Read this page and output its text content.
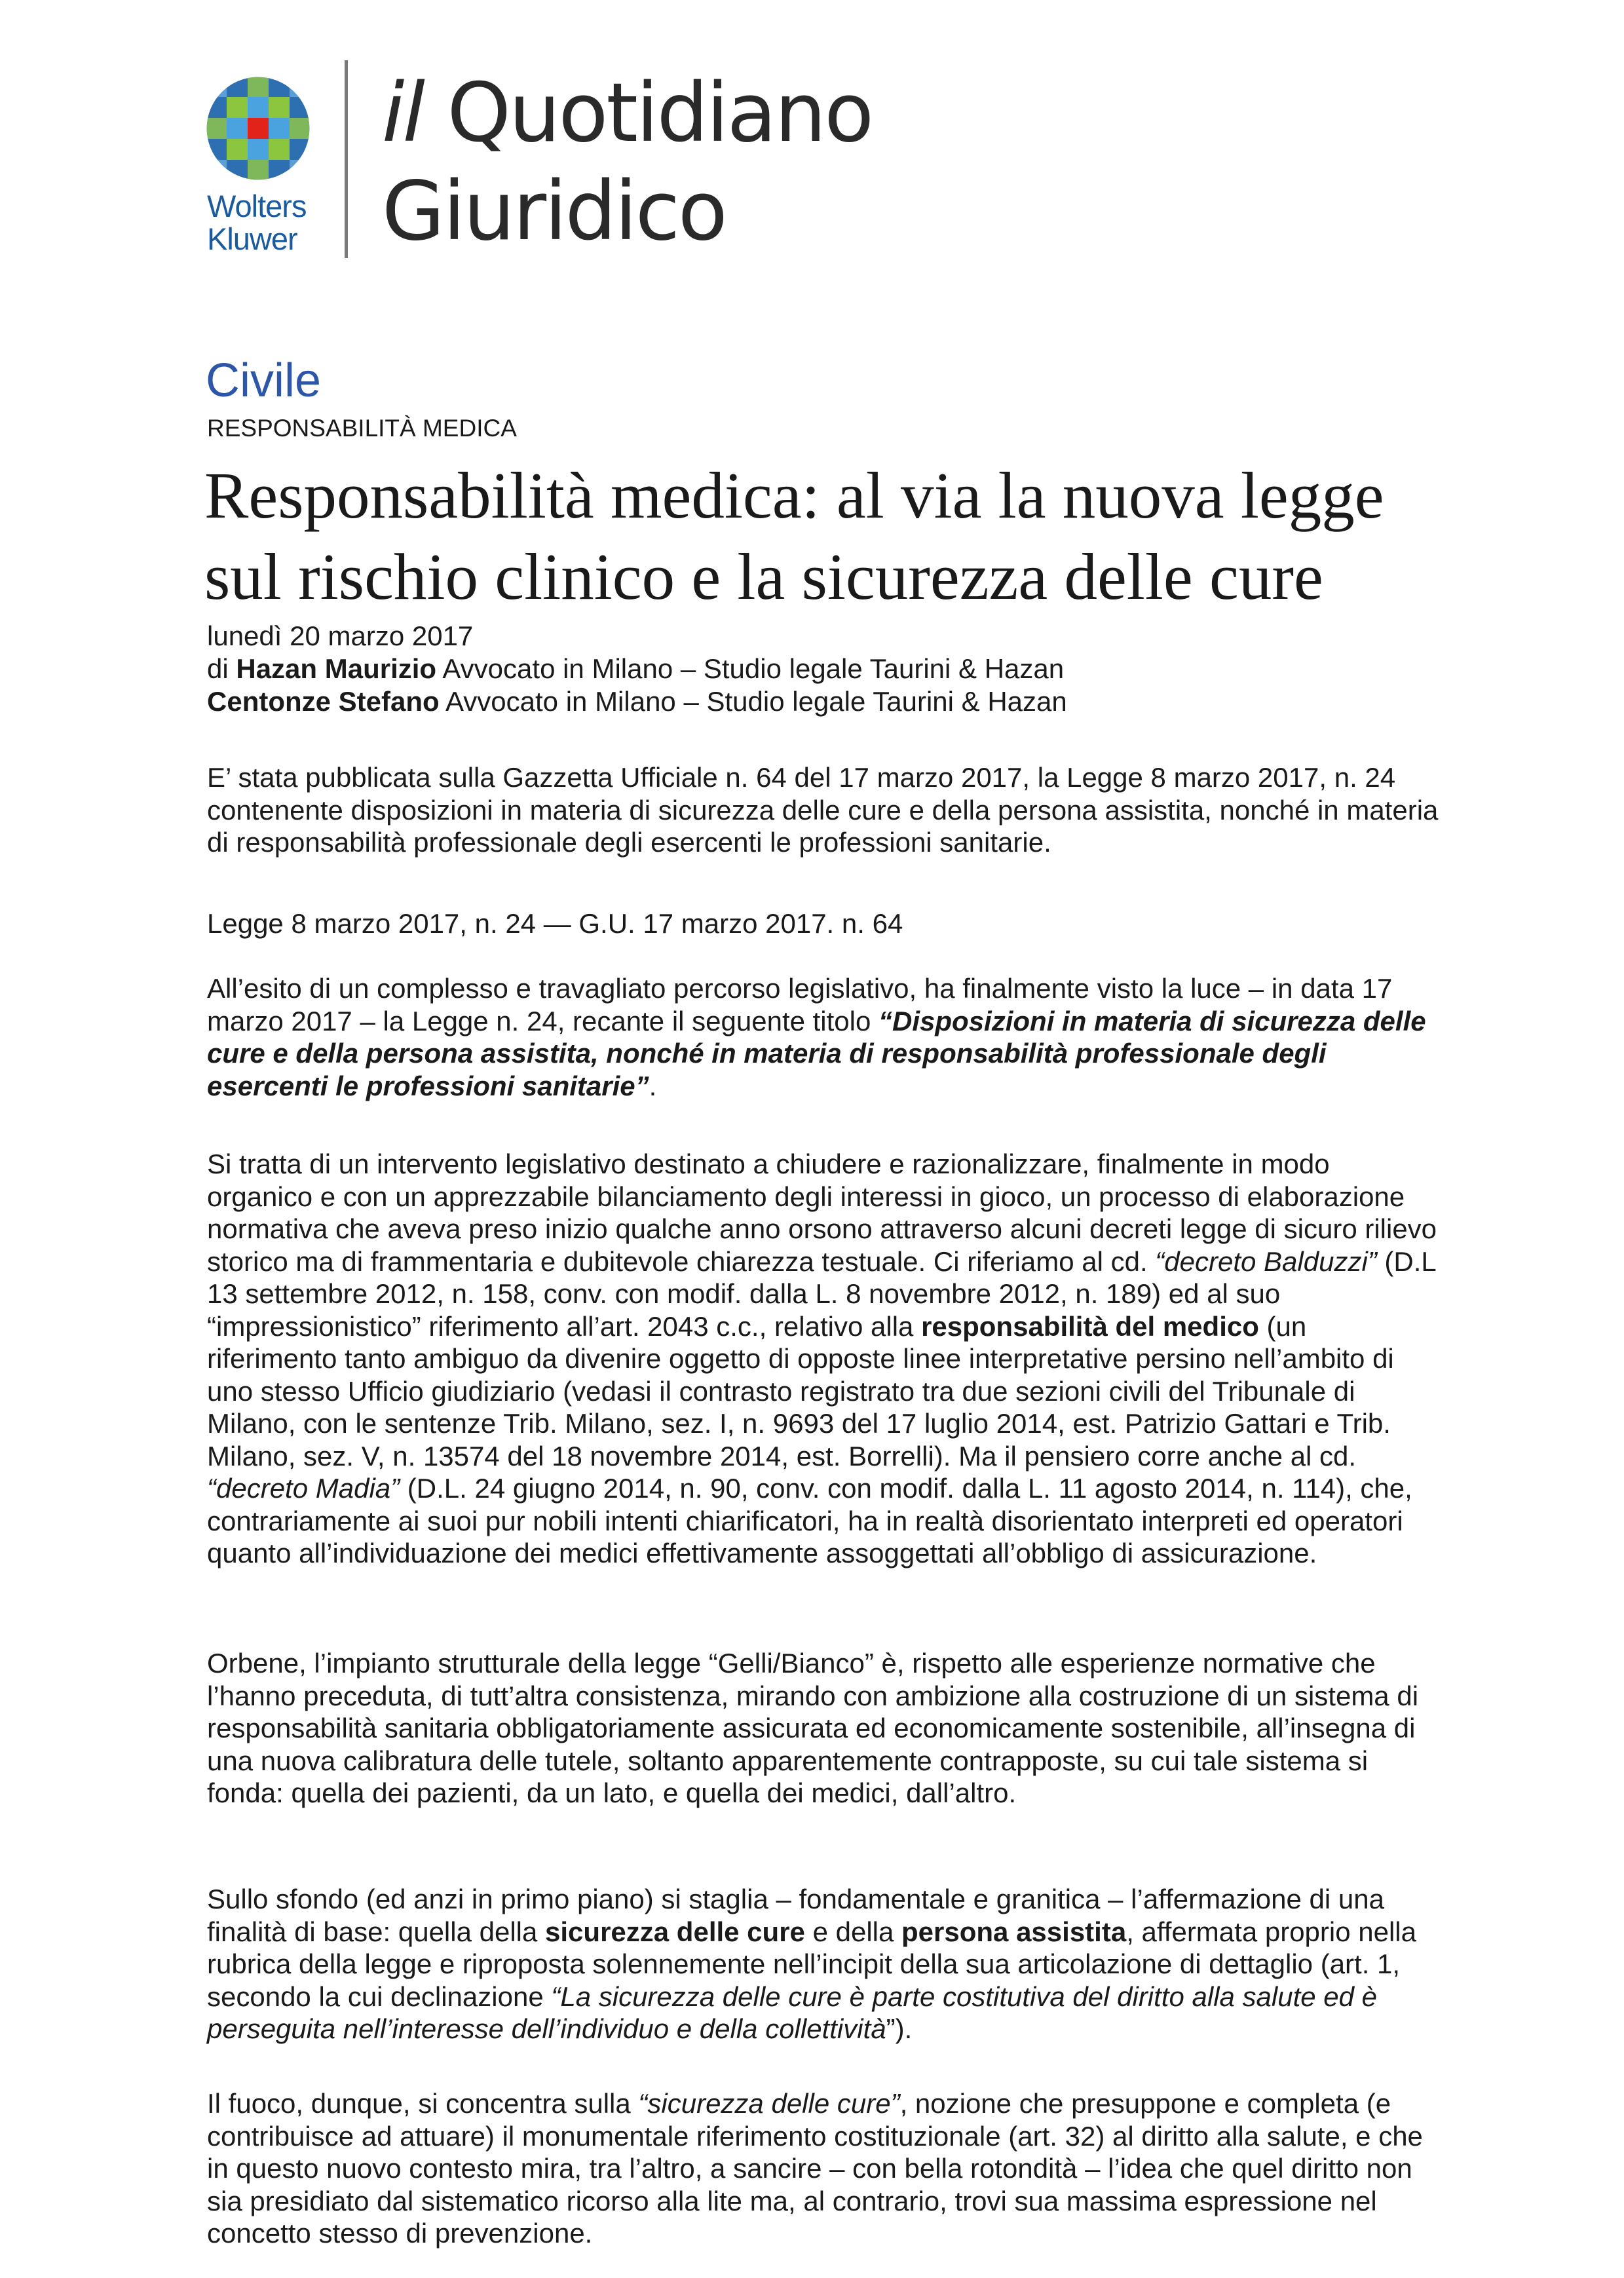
Wolters
Kluwer
il Quotidiano
Giuridico
Civile
RESPONSABILITÀ MEDICA
Responsabilità medica: al via la nuova legge sul rischio clinico e la sicurezza delle cure
lunedì 20 marzo 2017
di Hazan Maurizio Avvocato in Milano – Studio legale Taurini & Hazan
Centonze Stefano Avvocato in Milano – Studio legale Taurini & Hazan

E’ stata pubblicata sulla Gazzetta Ufficiale n. 64 del 17 marzo 2017, la Legge 8 marzo 2017, n. 24 contenente disposizioni in materia di sicurezza delle cure e della persona assistita, nonché in materia di responsabilità professionale degli esercenti le professioni sanitarie.

Legge 8 marzo 2017, n. 24 — G.U. 17 marzo 2017. n. 64

All’esito di un complesso e travagliato percorso legislativo, ha finalmente visto la luce – in data 17 marzo 2017 – la Legge n. 24, recante il seguente titolo “Disposizioni in materia di sicurezza delle cure e della persona assistita, nonché in materia di responsabilità professionale degli esercenti le professioni sanitarie”.

Si tratta di un intervento legislativo destinato a chiudere e razionalizzare, finalmente in modo organico e con un apprezzabile bilanciamento degli interessi in gioco, un processo di elaborazione normativa che aveva preso inizio qualche anno orsono attraverso alcuni decreti legge di sicuro rilievo storico ma di frammentaria e dubitevole chiarezza testuale. Ci riferiamo al cd. “decreto Balduzzi” (D.L 13 settembre 2012, n. 158, conv. con modif. dalla L. 8 novembre 2012, n. 189) ed al suo “impressionistico” riferimento all’art. 2043 c.c., relativo alla responsabilità del medico (un riferimento tanto ambiguo da divenire oggetto di opposte linee interpretative persino nell’ambito di uno stesso Ufficio giudiziario (vedasi il contrasto registrato tra due sezioni civili del Tribunale di Milano, con le sentenze Trib. Milano, sez. I, n. 9693 del 17 luglio 2014, est. Patrizio Gattari e Trib. Milano, sez. V, n. 13574 del 18 novembre 2014, est. Borrelli). Ma il pensiero corre anche al cd. “decreto Madia” (D.L. 24 giugno 2014, n. 90, conv. con modif. dalla L. 11 agosto 2014, n. 114), che, contrariamente ai suoi pur nobili intenti chiarificatori, ha in realtà disorientato interpreti ed operatori quanto all’individuazione dei medici effettivamente assoggettati all’obbligo di assicurazione.

Orbene, l’impianto strutturale della legge “Gelli/Bianco” è, rispetto alle esperienze normative che l’hanno preceduta, di tutt’altra consistenza, mirando con ambizione alla costruzione di un sistema di responsabilità sanitaria obbligatoriamente assicurata ed economicamente sostenibile, all’insegna di una nuova calibratura delle tutele, soltanto apparentemente contrapposte, su cui tale sistema si fonda: quella dei pazienti, da un lato, e quella dei medici, dall’altro.

Sullo sfondo (ed anzi in primo piano) si staglia – fondamentale e granitica – l’affermazione di una finalità di base: quella della sicurezza delle cure e della persona assistita, affermata proprio nella rubrica della legge e riproposta solennemente nell’incipit della sua articolazione di dettaglio (art. 1, secondo la cui declinazione “La sicurezza delle cure è parte costitutiva del diritto alla salute ed è perseguita nell’interesse dell’individuo e della collettività”).

Il fuoco, dunque, si concentra sulla “sicurezza delle cure”, nozione che presuppone e completa (e contribuisce ad attuare) il monumentale riferimento costituzionale (art. 32) al diritto alla salute, e che in questo nuovo contesto mira, tra l’altro, a sancire – con bella rotondità – l’idea che quel diritto non sia presidiato dal sistematico ricorso alla lite ma, al contrario, trovi sua massima espressione nel concetto stesso di prevenzione.
